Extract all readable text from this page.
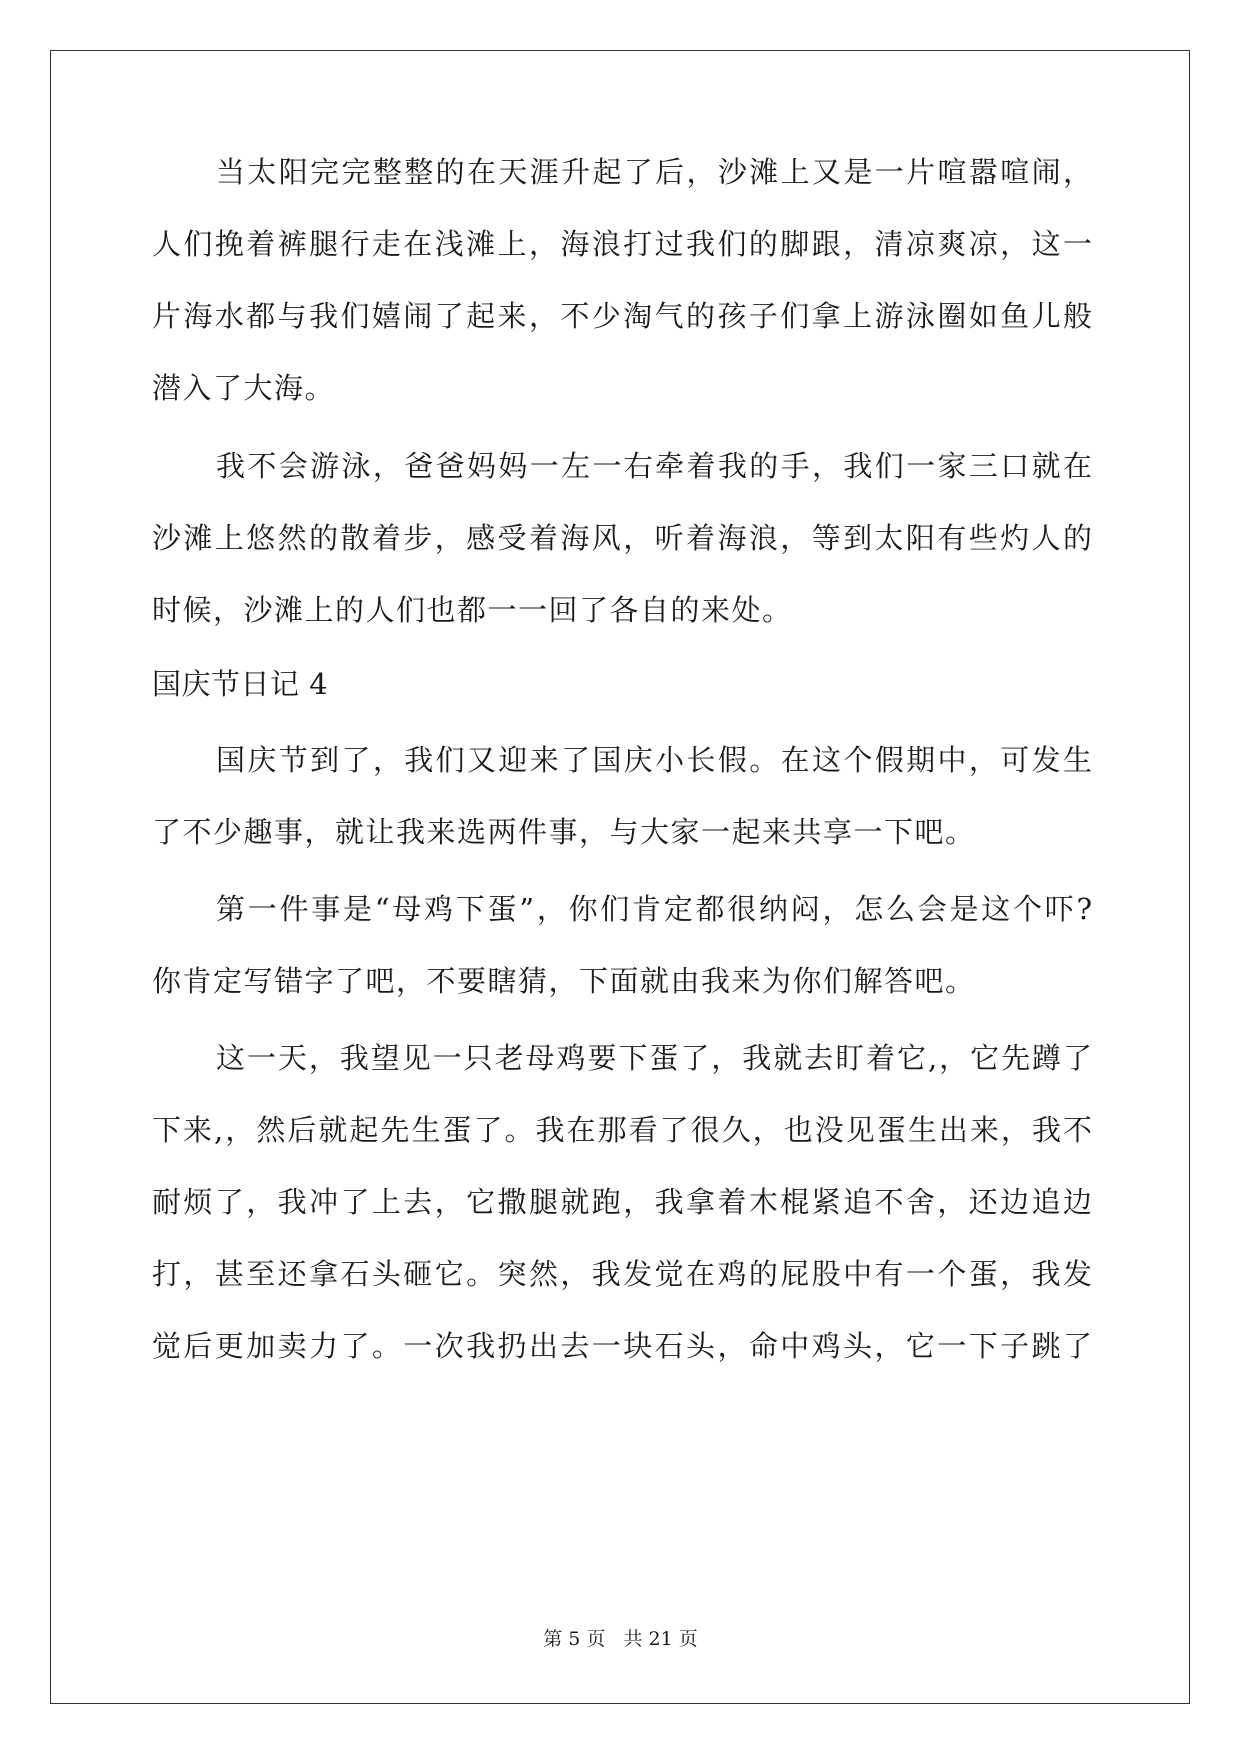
当太阳完完整整的在天涯升起了后，沙滩上又是一片喧嚣喧闹，
人们挽着裤腿行走在浅滩上，海浪打过我们的脚跟，清凉爽凉，这一
片海水都与我们嬉闹了起来，不少淘气的孩子们拿上游泳圈如鱼儿般
潜入了大海。
我不会游泳，爸爸妈妈一左一右牵着我的手，我们一家三口就在
沙滩上悠然的散着步，感受着海风，听着海浪，等到太阳有些灼人的
时候，沙滩上的人们也都一一回了各自的来处。
国庆节日记 4
国庆节到了，我们又迎来了国庆小长假。在这个假期中，可发生
了不少趣事，就让我来选两件事，与大家一起来共享一下吧。
第一件事是“母鸡下蛋”，你们肯定都很纳闷，怎么会是这个吓?
你肯定写错字了吧，不要瞎猜，下面就由我来为你们解答吧。
这一天，我望见一只老母鸡要下蛋了，我就去盯着它,，它先蹲了
下来,，然后就起先生蛋了。我在那看了很久，也没见蛋生出来，我不
耐烦了，我冲了上去，它撒腿就跑，我拿着木棍紧追不舍，还边追边
打，甚至还拿石头砸它。突然，我发觉在鸡的屁股中有一个蛋，我发
觉后更加卖力了。一次我扔出去一块石头，命中鸡头，它一下子跳了
第 5 页 共 21 页
